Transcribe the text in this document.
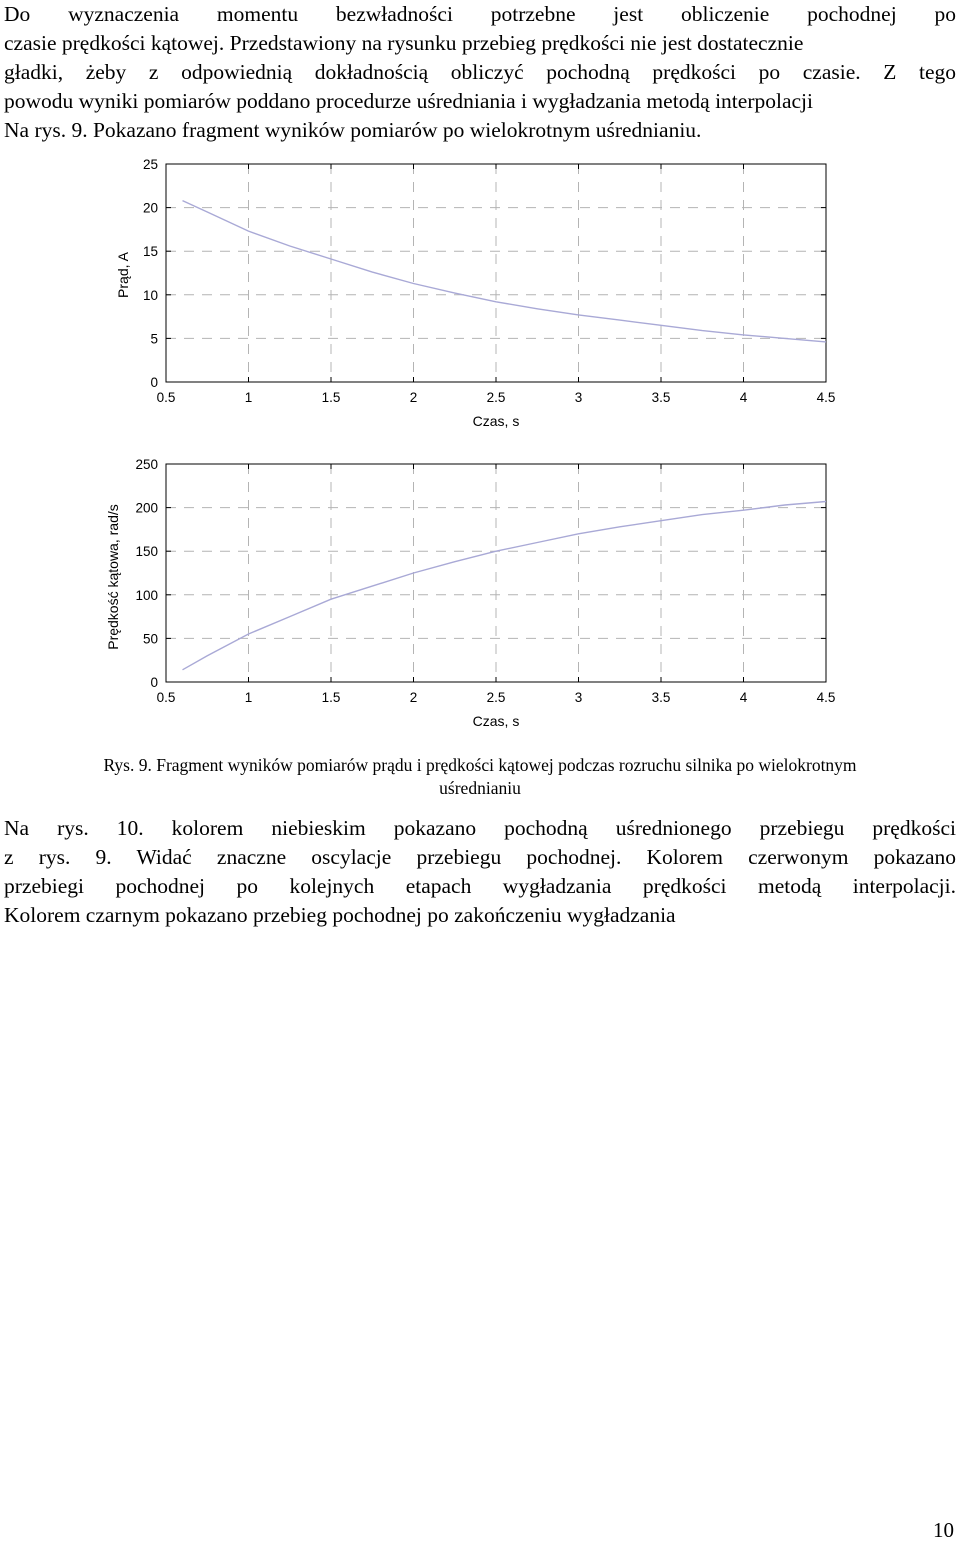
Do wyznaczenia momentu bezwładności potrzebne jest obliczenie pochodnej po
czasie prędkości kątowej. Przedstawiony na rysunku przebieg prędkości nie jest dostatecznie
gładki, żeby z odpowiednią dokładnością obliczyć pochodną prędkości po czasie. Z tego
powodu wyniki pomiarów poddano procedurze uśredniania i wygładzania metodą interpolacji
Na rys. 9. Pokazano fragment wyników pomiarów po wielokrotnym uśrednianiu.
0.5	1	1.5	2	2.5	3	3.5	4	4.5
0
5
10
15
20
25
Czas, s
Prąd, A
0.5	1	1.5	2	2.5	3	3.5	4	4.5
0
50
100
150
200
250
Czas, s
Prędkość kątowa, rad/s
Rys. 9. Fragment wyników pomiarów prądu i prędkości kątowej podczas rozruchu silnika po wielokrotnym
uśrednianiu
Na rys. 10. kolorem niebieskim pokazano pochodną uśrednionego przebiegu prędkości
z rys. 9. Widać znaczne oscylacje przebiegu pochodnej. Kolorem czerwonym pokazano
przebiegi pochodnej po kolejnych etapach wygładzania prędkości metodą interpolacji.
Kolorem czarnym pokazano przebieg pochodnej po zakończeniu wygładzania
10
